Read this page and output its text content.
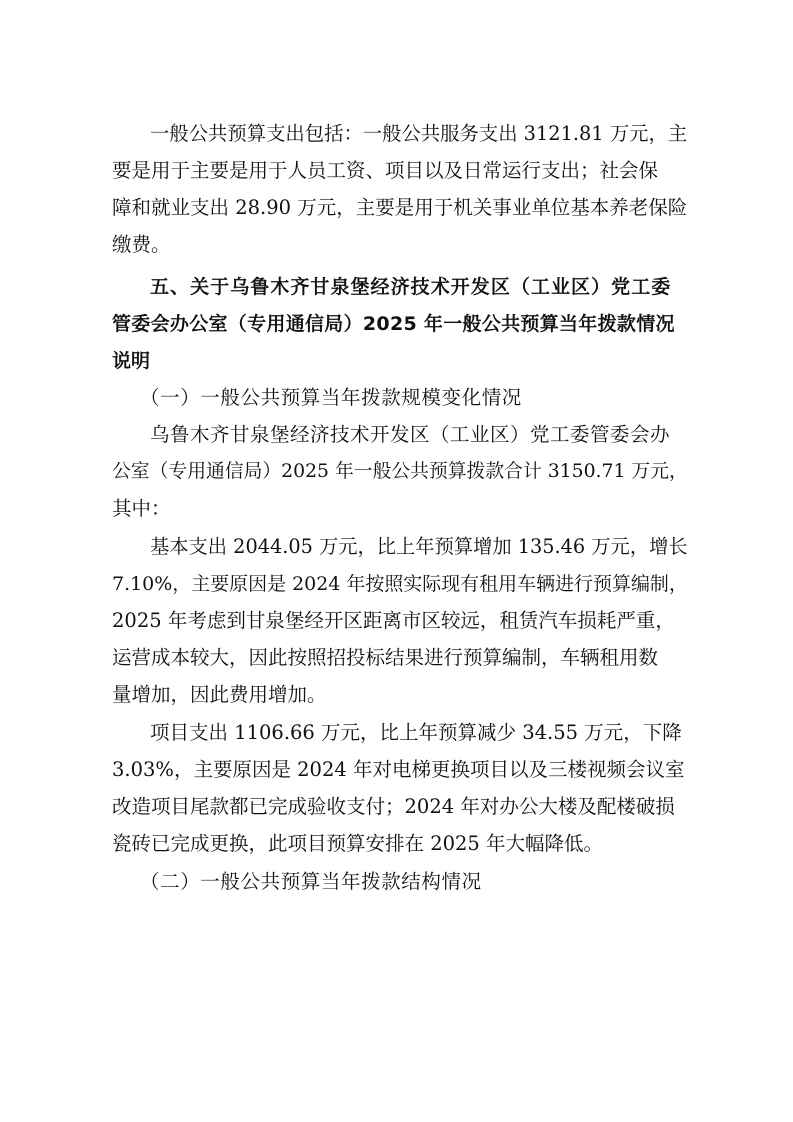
一般公共预算支出包括：一般公共服务支出 3121.81 万元，主
要是用于主要是用于人员工资、项目以及日常运行支出；社会保
障和就业支出 28.90 万元，主要是用于机关事业单位基本养老保险
缴费。
五、关于乌鲁木齐甘泉堡经济技术开发区（工业区）党工委
管委会办公室（专用通信局）2025 年一般公共预算当年拨款情况
说明
（一）一般公共预算当年拨款规模变化情况
乌鲁木齐甘泉堡经济技术开发区（工业区）党工委管委会办
公室（专用通信局）2025 年一般公共预算拨款合计 3150.71 万元，
其中：
基本支出 2044.05 万元，比上年预算增加 135.46 万元，增长
7.10%，主要原因是 2024 年按照实际现有租用车辆进行预算编制，
2025 年考虑到甘泉堡经开区距离市区较远，租赁汽车损耗严重，
运营成本较大，因此按照招投标结果进行预算编制，车辆租用数
量增加，因此费用增加。
项目支出 1106.66 万元，比上年预算减少 34.55 万元，下降
3.03%，主要原因是 2024 年对电梯更换项目以及三楼视频会议室
改造项目尾款都已完成验收支付；2024 年对办公大楼及配楼破损
瓷砖已完成更换，此项目预算安排在 2025 年大幅降低。
（二）一般公共预算当年拨款结构情况
